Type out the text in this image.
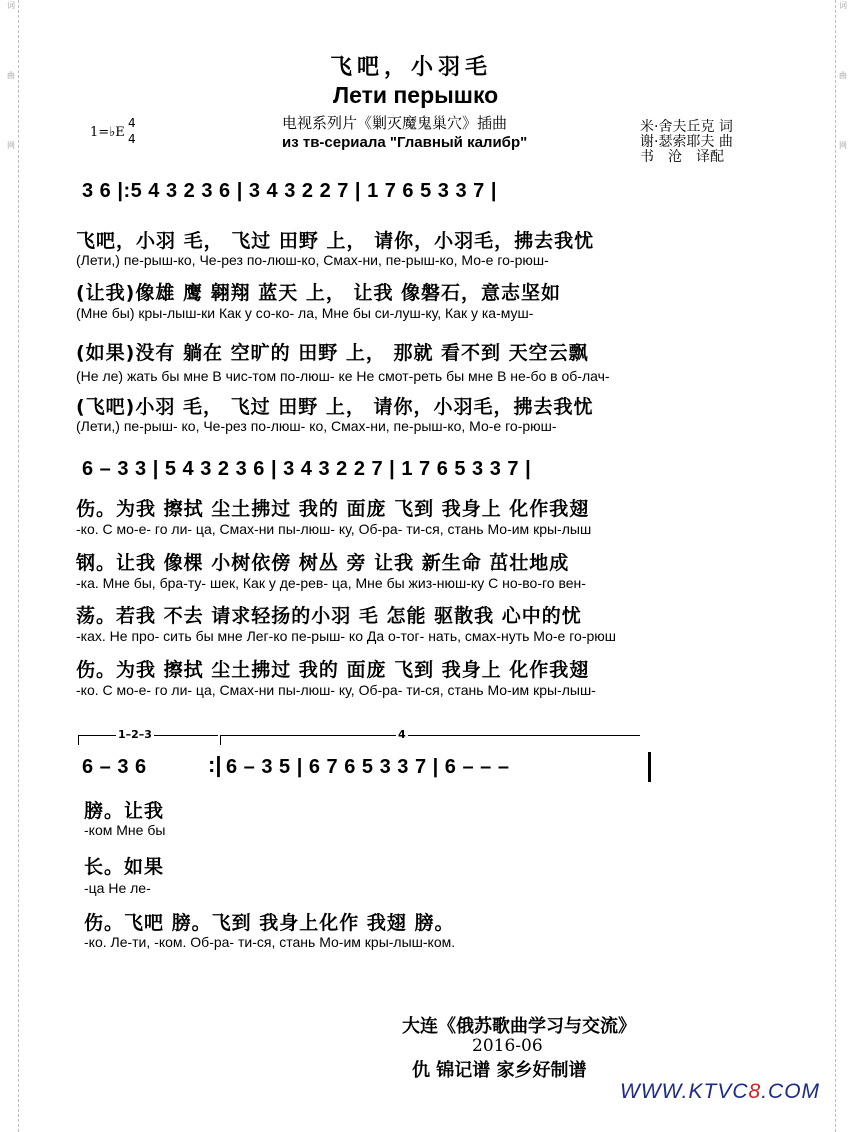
词
曲
网
词
曲
网
飞吧，小羽毛
Лети перышко
电视系列片《剿灭魔鬼巢穴》插曲
из тв-сериала "Главный калибр"
1=♭E
4
4
米·舍夫丘克 词
谢·瑟索耶夫 曲
书　沧　译配
3 6 |:5 4 3 2 3 6 | 3 4 3 2 2 7 | 1 7 6 5 3 3 7 |
飞吧，小羽 毛， 飞过 田野 上， 请你，小羽毛，拂去我忧
(Лети,) пе-рыш-ко, Че-рез по-люш-ко, Смах-ни, пе-рыш-ко, Мо-е го-рюш-
(让我)像雄 鹰 翱翔 蓝天 上， 让我 像磐石，意志坚如
(Мне бы) кры-лыш-ки Как у со-ко- ла, Мне бы си-луш-ку, Как у ка-муш-
(如果)没有 躺在 空旷的 田野 上， 那就 看不到 天空云飘
(Не ле) жать бы мне В чис-том по-люш- ке Не смот-реть бы мне В не-бо в об-лач-
(飞吧)小羽 毛， 飞过 田野 上， 请你，小羽毛，拂去我忧
(Лети,) пе-рыш- ко, Че-рез по-люш- ко, Смах-ни, пе-рыш-ко, Мо-е го-рюш-
6 – 3 3 | 5 4 3 2 3 6 | 3 4 3 2 2 7 | 1 7 6 5 3 3 7 |
伤。为我 擦拭 尘土拂过 我的 面庞 飞到 我身上 化作我翅
-ко. С мо-е- го ли- ца, Смах-ни пы-люш- ку, Об-ра- ти-ся, стань Мо-им кры-лыш
钢。让我 像棵 小树依傍 树丛 旁 让我 新生命 茁壮地成
-ка. Мне бы, бра-ту- шек, Как у де-рев- ца, Мне бы жиз-нюш-ку С но-во-го вен-
荡。若我 不去 请求轻扬的小羽 毛 怎能 驱散我 心中的忧
-ках. Не про- сить бы мне Лег-ко пе-рыш- ко Да о-тог- нать, смах-нуть Мо-е го-рюш
伤。为我 擦拭 尘土拂过 我的 面庞 飞到 我身上 化作我翅
-ко. С мо-е- го ли- ца, Смах-ни пы-люш- ку, Об-ра- ти-ся, стань Мо-им кры-лыш-
1–2–3	4
6 – 3 6	6 – 3 5 | 6 7 6 5 3 3 7 | 6 – – –
:|
膀。让我
-ком Мне бы
长。如果
-ца Не ле-
伤。飞吧 膀。飞到 我身上化作 我翅 膀。
-ко. Ле-ти, -ком. Об-ра- ти-ся, стань Мо-им кры-лыш-ком.
大连《俄苏歌曲学习与交流》
2016-06
仇 锦记谱 家乡好制谱
WWW.KTVC8.COM
